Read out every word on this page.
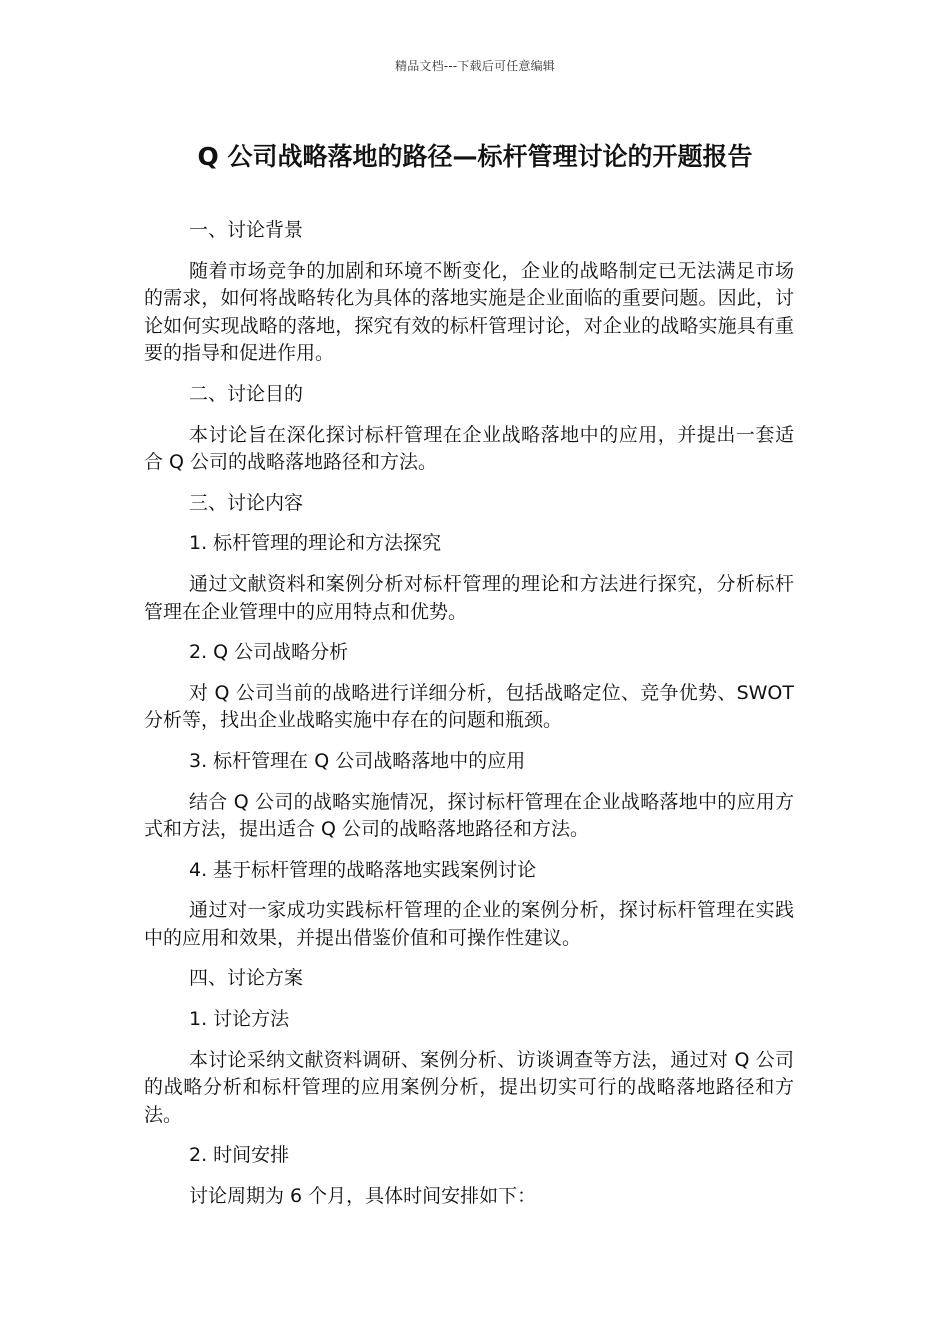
精品文档---下载后可任意编辑
Q 公司战略落地的路径—标杆管理讨论的开题报告

一、讨论背景

随着市场竞争的加剧和环境不断变化，企业的战略制定已无法满足市场的需求，如何将战略转化为具体的落地实施是企业面临的重要问题。因此，讨论如何实现战略的落地，探究有效的标杆管理讨论，对企业的战略实施具有重要的指导和促进作用。

二、讨论目的

本讨论旨在深化探讨标杆管理在企业战略落地中的应用，并提出一套适合 Q 公司的战略落地路径和方法。

三、讨论内容

1. 标杆管理的理论和方法探究

通过文献资料和案例分析对标杆管理的理论和方法进行探究，分析标杆管理在企业管理中的应用特点和优势。

2. Q 公司战略分析

对 Q 公司当前的战略进行详细分析，包括战略定位、竞争优势、SWOT 分析等，找出企业战略实施中存在的问题和瓶颈。

3. 标杆管理在 Q 公司战略落地中的应用

结合 Q 公司的战略实施情况，探讨标杆管理在企业战略落地中的应用方式和方法，提出适合 Q 公司的战略落地路径和方法。

4. 基于标杆管理的战略落地实践案例讨论

通过对一家成功实践标杆管理的企业的案例分析，探讨标杆管理在实践中的应用和效果，并提出借鉴价值和可操作性建议。

四、讨论方案

1. 讨论方法

本讨论采纳文献资料调研、案例分析、访谈调查等方法，通过对 Q 公司的战略分析和标杆管理的应用案例分析，提出切实可行的战略落地路径和方法。

2. 时间安排

讨论周期为 6 个月，具体时间安排如下：
